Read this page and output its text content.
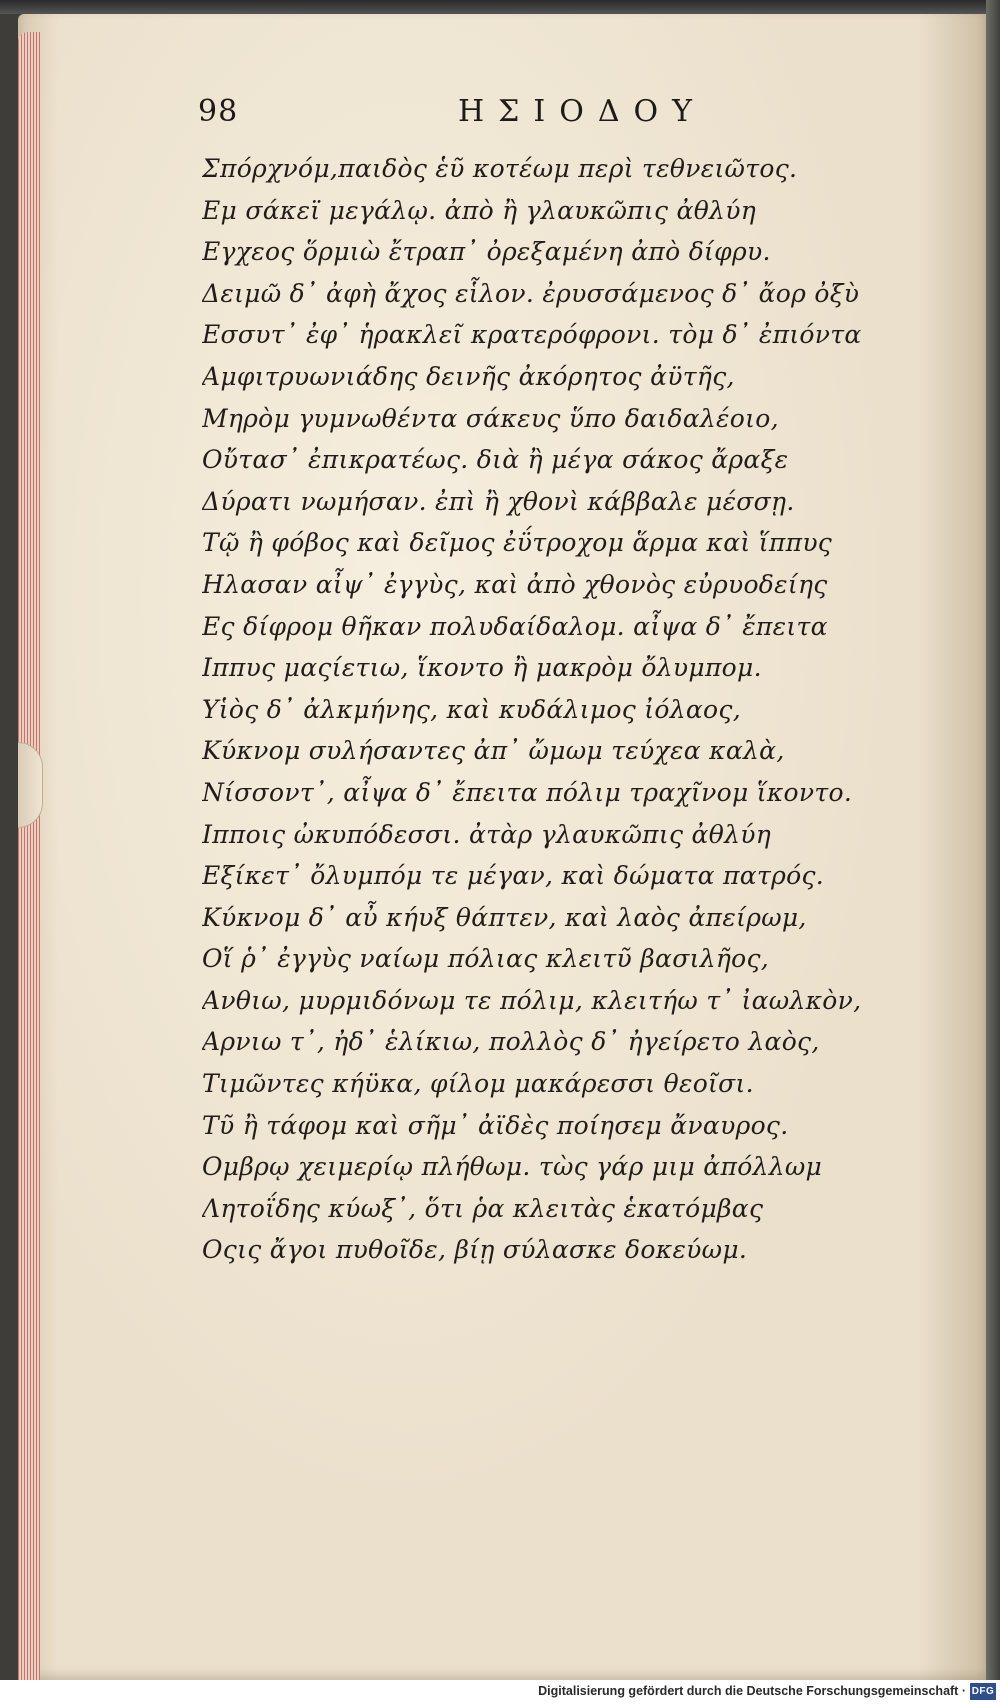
98	ΗΣΙΟΔΟΥ
Σπόρχνόμ,παιδὸς ἑῦ κοτέωμ περὶ τεθνειῶτος.
Εμ σάκεϊ μεγάλῳ. ἀπὸ ἢ γλαυκῶπις ἀθλύη
Εγχεος ὅρμιὼ ἔτραπ᾽ ὀρεξαμένη ἀπὸ δίφρυ.
Δειμῶ δ᾽ ἀφὴ ἄχος εἷλον. ἐρυσσάμενος δ᾽ ἄορ ὀξὺ
Εσσυτ᾽ ἐφ᾽ ἡρακλεῖ κρατερόφρονι. τὸμ δ᾽ ἐπιόντα
Αμφιτρυωνιάδης δεινῆς ἀκόρητος ἀϋτῆς,
Μηρὸμ γυμνωθέντα σάκευς ὕπο δαιδαλέοιο,
Οὔτασ᾽ ἐπικρατέως. διὰ ἢ μέγα σάκος ἄραξε
Δύρατι νωμήσαν. ἐπὶ ἢ χθονὶ κάββαλε μέσσῃ.
Τῷ ἢ φόβος καὶ δεῖμος ἐΰτροχομ ἅρμα καὶ ἵππυς
Ηλασαν αἶψ᾽ ἐγγὺς, καὶ ἀπὸ χθονὸς εὐρυοδείης
Ες δίφρομ θῆκαν πολυδαίδαλομ. αἶψα δ᾽ ἔπειτα
Ιππυς μαςίετιω, ἵκοντο ἢ μακρὸμ ὄλυμπομ.
Υἱὸς δ᾽ ἀλκμήνης, καὶ κυδάλιμος ἰόλαος,
Κύκνομ συλήσαντες ἀπ᾽ ὤμωμ τεύχεα καλὰ,
Νίσσοντ᾽, αἶψα δ᾽ ἔπειτα πόλιμ τραχῖνομ ἵκοντο.
Ιπποις ὠκυπόδεσσι. ἀτὰρ γλαυκῶπις ἀθλύη
Εξίκετ᾽ ὄλυμπόμ τε μέγαν, καὶ δώματα πατρός.
Κύκνομ δ᾽ αὖ κήυξ θάπτεν, καὶ λαὸς ἀπείρωμ,
Οἵ ῥ᾽ ἐγγὺς ναίωμ πόλιας κλειτῦ βασιλῆος,
Ανθιω, μυρμιδόνωμ τε πόλιμ, κλειτήω τ᾽ ἰαωλκὸν,
Αρνιω τ᾽, ἠδ᾽ ἑλίκιω, πολλὸς δ᾽ ἠγείρετο λαὸς,
Τιμῶντες κήϋκα, φίλομ μακάρεσσι θεοῖσι.
Τῦ ἢ τάφομ καὶ σῆμ᾽ ἀϊδὲς ποίησεμ ἄναυρος.
Ομβρῳ χειμερίῳ πλήθωμ. τὼς γάρ μιμ ἀπόλλωμ
Λητοΐδης κύωξ᾽, ὅτι ῥα κλειτὰς ἑκατόμβας
Οςις ἄγοι πυθοῖδε, βίῃ σύλασκε δοκεύωμ.
Digitalisierung gefördert durch die Deutsche Forschungsgemeinschaft · DFG
